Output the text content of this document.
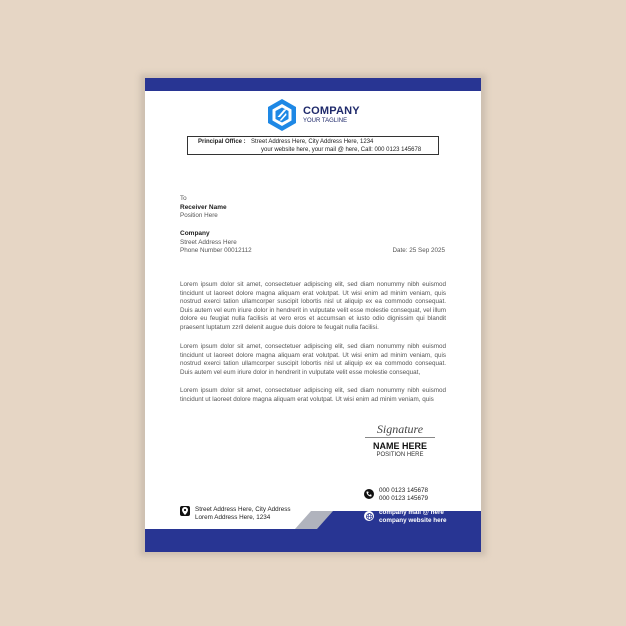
COMPANY
YOUR TAGLINE
Principal Office : Street Address Here, City Address Here, 1234
your website here, your mail @ here, Call: 000 0123 145678
To
Receiver Name
Position Here
Company
Street Address Here
Phone Number 00012112	Date: 25 Sep 2025
Lorem ipsum dolor sit amet, consectetuer adipiscing elit, sed diam nonummy nibh euismod tincidunt ut laoreet dolore magna aliquam erat volutpat. Ut wisi enim ad minim veniam, quis nostrud exerci tation ullamcorper suscipit lobortis nisl ut aliquip ex ea commodo consequat. Duis autem vel eum iriure dolor in hendrerit in vulputate velit esse molestie consequat, vel illum dolore eu feugiat nulla facilisis at vero eros et accumsan et iusto odio dignissim qui blandit praesent luptatum zzril delenit augue duis dolore te feugait nulla facilisi.
Lorem ipsum dolor sit amet, consectetuer adipiscing elit, sed diam nonummy nibh euismod tincidunt ut laoreet dolore magna aliquam erat volutpat. Ut wisi enim ad minim veniam, quis nostrud exerci tation ullamcorper suscipit lobortis nisl ut aliquip ex ea commodo consequat. Duis autem vel eum iriure dolor in hendrerit in vulputate velit esse molestie consequat,
Lorem ipsum dolor sit amet, consectetuer adipiscing elit, sed diam nonummy nibh euismod tincidunt ut laoreet dolore magna aliquam erat volutpat. Ut wisi enim ad minim veniam, quis
Signature
NAME HERE
POSITION HERE
Street Address Here, City Address
Lorem Address Here, 1234
000 0123 145678
000 0123 145679
company mail @ here
company website here
